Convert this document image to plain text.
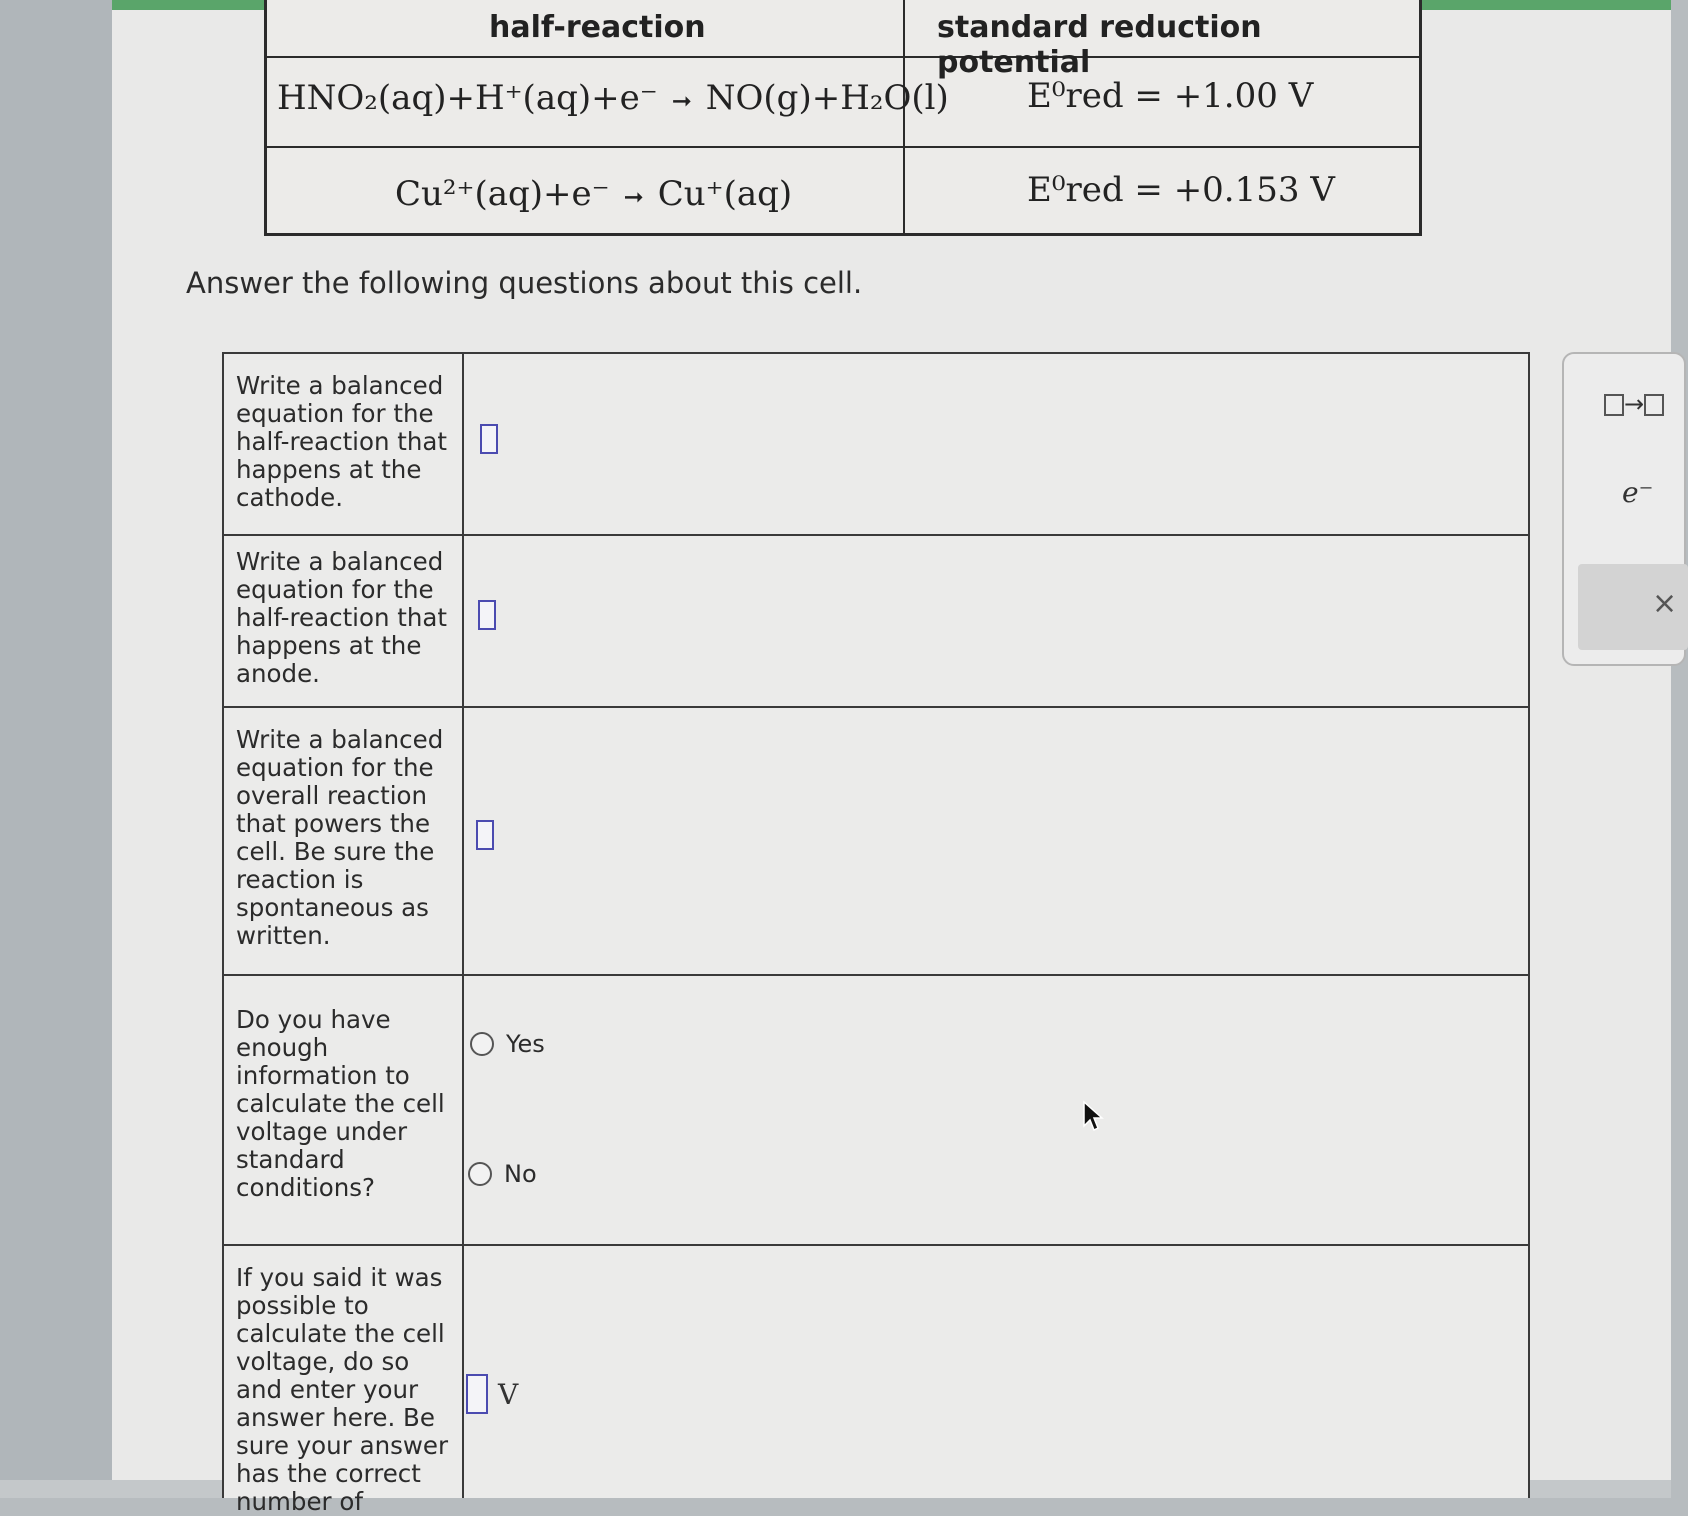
half-reaction	standard reduction potential
HNO₂(aq)+H⁺(aq)+e⁻ ➞ NO(g)+H₂O(l) E⁰red = +1.00 V
Cu²⁺(aq)+e⁻ ➞ Cu⁺(aq)	E⁰red = +0.153 V
Answer the following questions about this cell.
Write a balanced equation for the half-reaction that happens at the cathode.
Write a balanced equation for the half-reaction that happens at the anode.
Write a balanced equation for the overall reaction that powers the cell. Be sure the reaction is spontaneous as written.
Do you have enough information to calculate the cell voltage under standard conditions?
Yes
No
If you said it was possible to calculate the cell voltage, do so and enter your answer here. Be sure your answer has the correct number of
V
→
e⁻
×
